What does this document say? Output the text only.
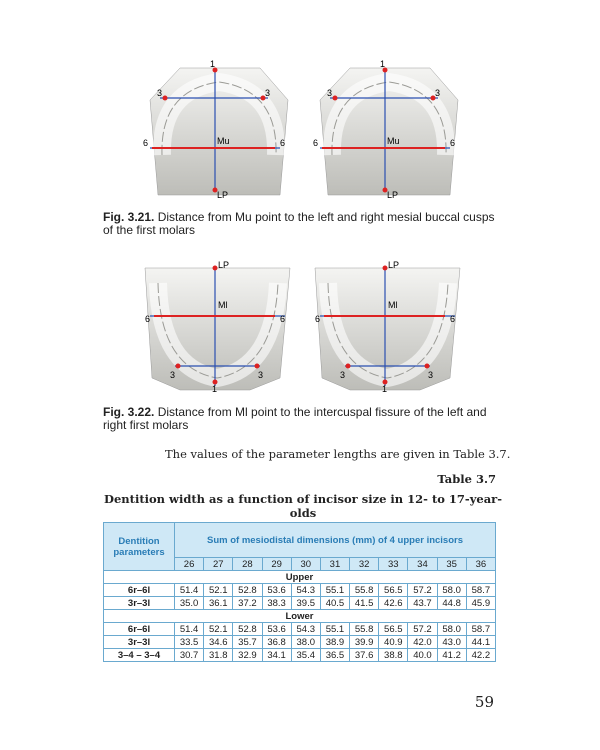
1
3	3
6	6
Mu
LP
1
3	3
6	6
Mu
LP
Fig. 3.21. Distance from Mu point to the left and right mesial buccal cusps of the first molars
LP
Ml
6	6
3	3
1
LP
Ml
6	6
3	3
1
Fig. 3.22. Distance from Ml point to the intercuspal fissure of the left and right first molars
The values of the parameter lengths are given in Table 3.7.
Table 3.7
Dentition width as a function of incisor size in 12- to 17-year-olds
Dentition parameters	Sum of mesiodistal dimensions (mm) of 4 upper incisors										
	26	27	28	29	30	31	32	33	34	35	36
Upper											
6r–6l	51.4	52.1	52.8	53.6	54.3	55.1	55.8	56.5	57.2	58.0	58.7
3r–3l	35.0	36.1	37.2	38.3	39.5	40.5	41.5	42.6	43.7	44.8	45.9
Lower											
6r–6l	51.4	52.1	52.8	53.6	54.3	55.1	55.8	56.5	57.2	58.0	58.7
3r–3l	33.5	34.6	35.7	36.8	38.0	38.9	39.9	40.9	42.0	43.0	44.1
3–4 – 3–4	30.7	31.8	32.9	34.1	35.4	36.5	37.6	38.8	40.0	41.2	42.2
59
